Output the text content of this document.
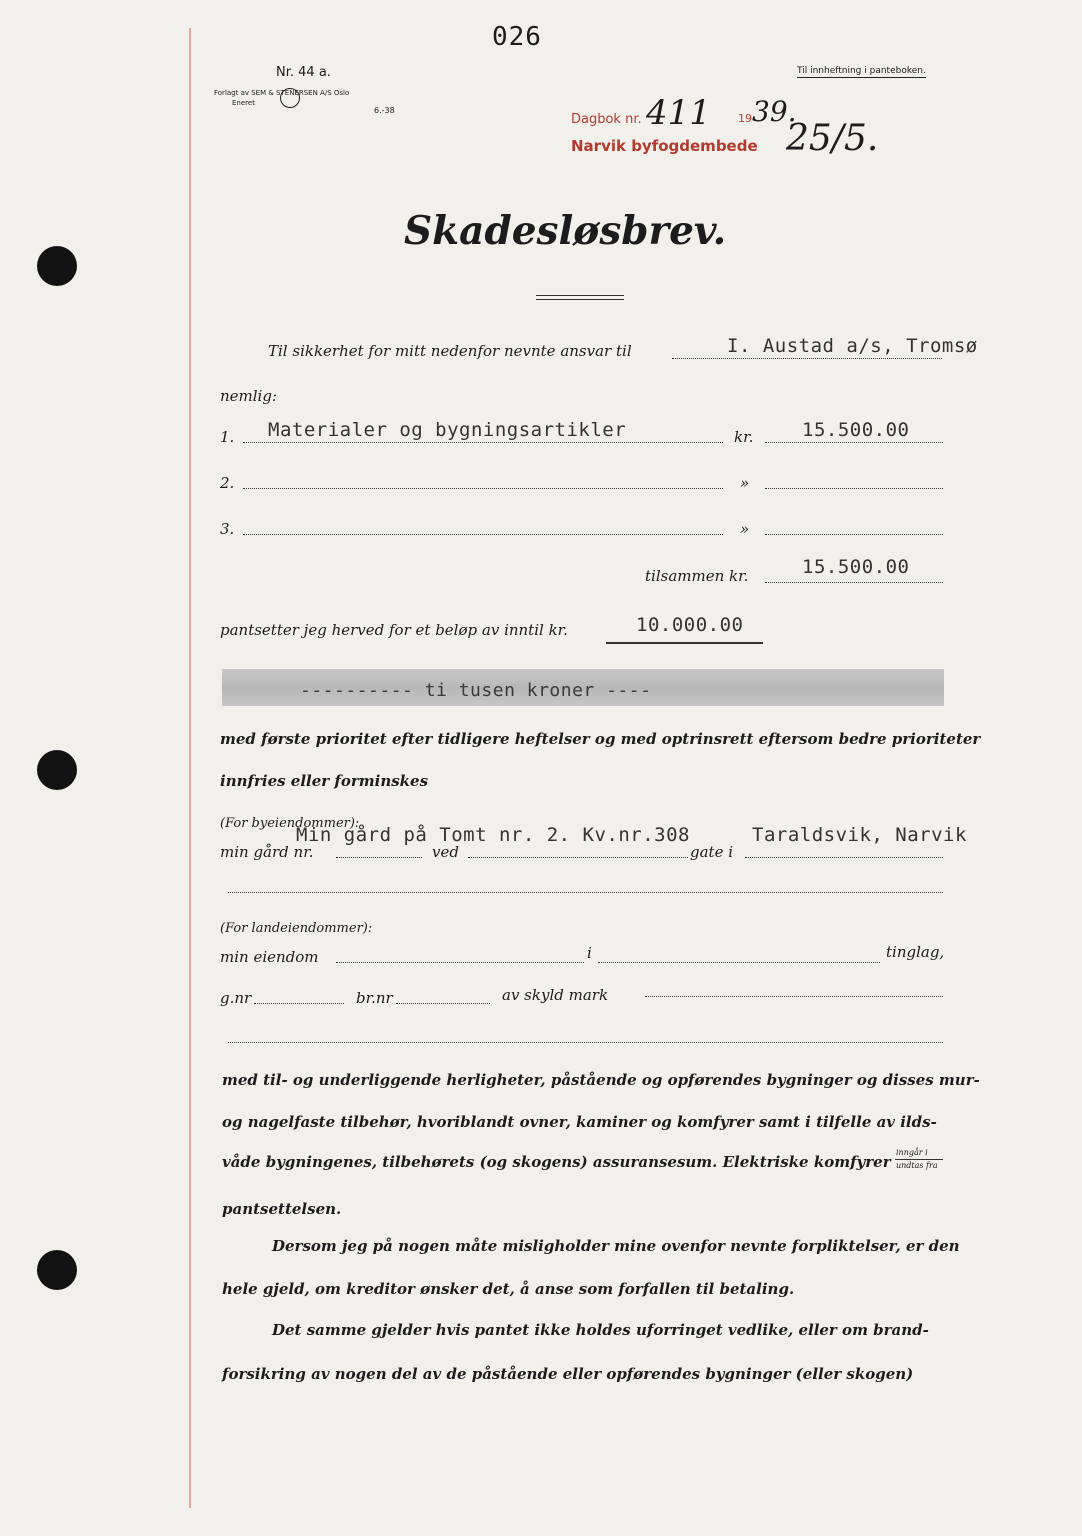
026
Nr. 44 a.
Forlagt av SEM & STENERSEN A/S Oslo
Eneret
6.-38
Til innheftning i panteboken.
Dagbok nr. 411 19 39.
Narvik byfogdembede 25/5.
Skadesløsbrev.
Til sikkerhet for mitt nedenfor nevnte ansvar til	I. Austad a/s, Tromsø
nemlig:
1. Materialer og bygningsartikler	kr.	15.500.00
2.	»
3.	»
tilsammen kr.	15.500.00
pantsetter jeg herved for et beløp av inntil kr.	10.000.00
---------- ti tusen kroner ----
med første prioritet efter tidligere heftelser og med optrinsrett eftersom bedre prioriteter
innfries eller forminskes
(For byeiendommer):
min gård nr.	ved	gate i
Min gård på Tomt nr. 2. Kv.nr.308	Taraldsvik, Narvik
(For landeiendommer):
min eiendom	i	tinglag,
g.nr	br.nr	av skyld mark
med til- og underliggende herligheter, påstående og opførendes bygninger og disses mur-
og nagelfaste tilbehør, hvoriblandt ovner, kaminer og komfyrer samt i tilfelle av ilds-
våde bygningenes, tilbehørets (og skogens) assuransesum. Elektriske komfyrer
inngår i
undtas fra
pantsettelsen.
Dersom jeg på nogen måte misligholder mine ovenfor nevnte forpliktelser, er den
hele gjeld, om kreditor ønsker det, å anse som forfallen til betaling.
Det samme gjelder hvis pantet ikke holdes uforringet vedlike, eller om brand-
forsikring av nogen del av de påstående eller opførendes bygninger (eller skogen)
